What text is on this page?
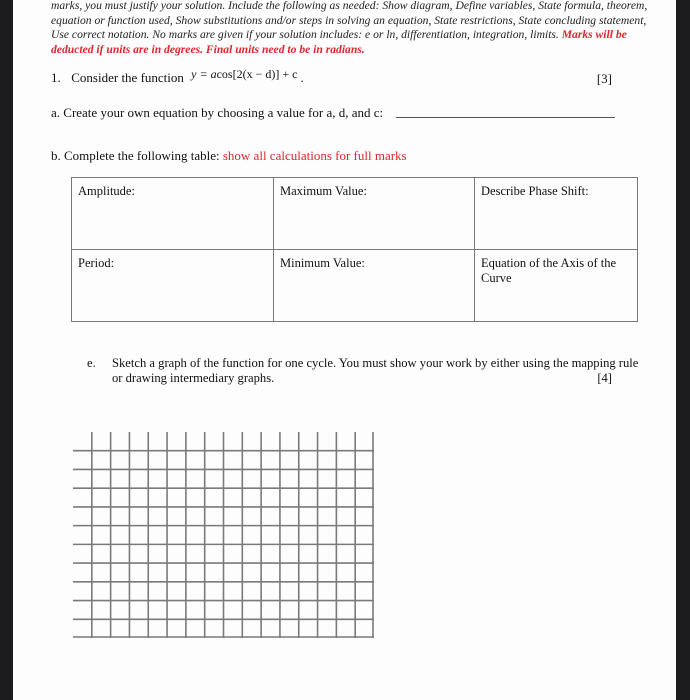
marks, you must justify your solution. Include the following as needed: Show diagram, Define variables, State formula, theorem, equation or function used, Show substitutions and/or steps in solving an equation, State restrictions, State concluding statement, Use correct notation. No marks are given if your solution includes: e or ln, differentiation, integration, limits. Marks will be deducted if units are in degrees. Final units need to be in radians.
1. Consider the function y = acos[2(x − d)] + c .	[3]
a. Create your own equation by choosing a value for a, d, and c:
b. Complete the following table: show all calculations for full marks
Amplitude:	Maximum Value:	Describe Phase Shift:
Period:	Minimum Value:	Equation of the Axis of the Curve
e. Sketch a graph of the function for one cycle. You must show your work by either using the mapping rule or drawing intermediary graphs.	[4]
